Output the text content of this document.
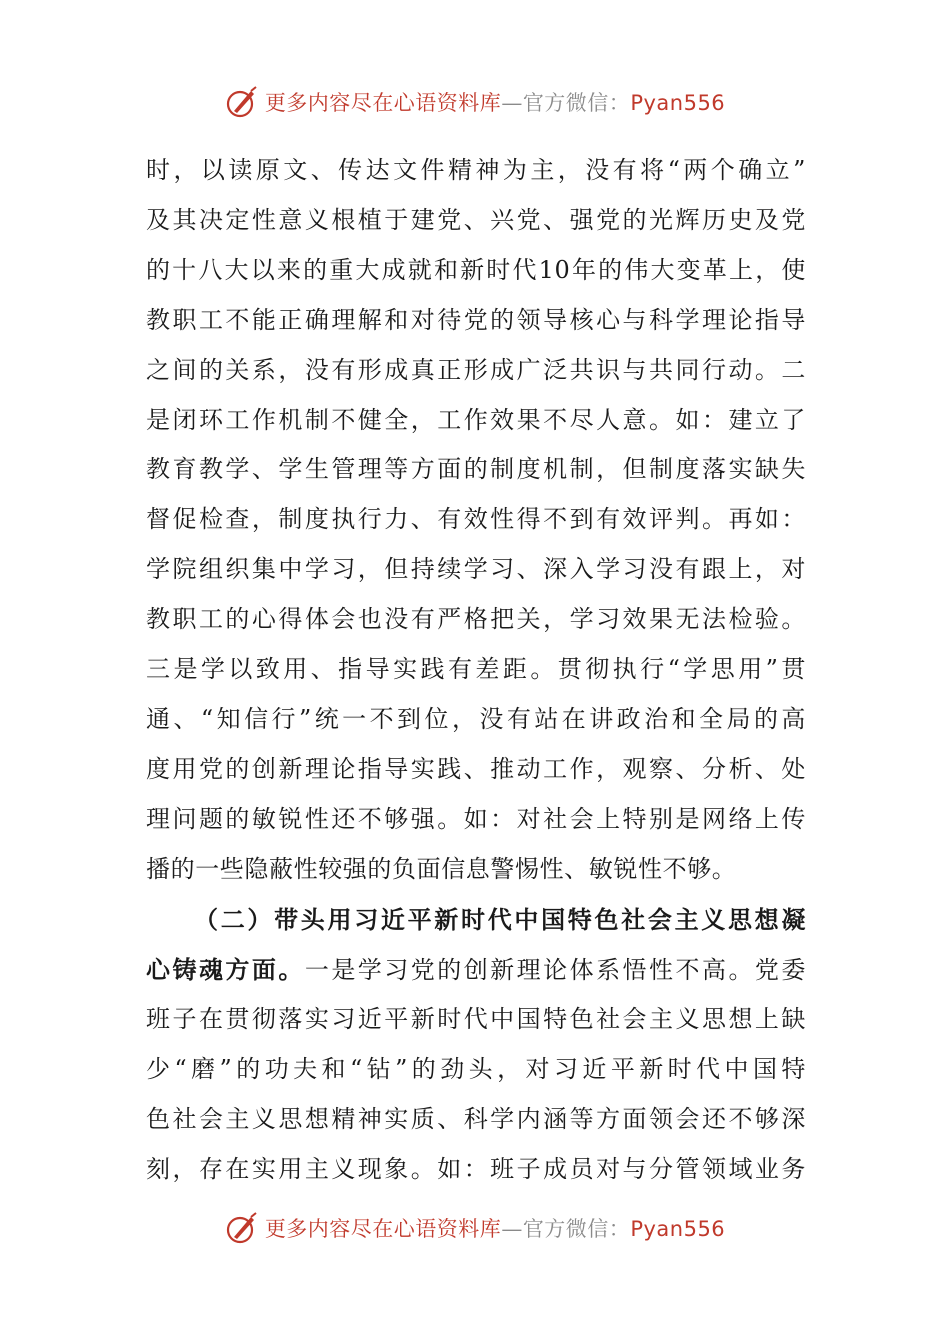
更多内容尽在心语资料库—官方微信：Pyan556
时，以读原文、传达文件精神为主，没有将“两个确立”
及其决定性意义根植于建党、兴党、强党的光辉历史及党
的十八大以来的重大成就和新时代10年的伟大变革上，使
教职工不能正确理解和对待党的领导核心与科学理论指导
之间的关系，没有形成真正形成广泛共识与共同行动。二
是闭环工作机制不健全，工作效果不尽人意。如：建立了
教育教学、学生管理等方面的制度机制，但制度落实缺失
督促检查，制度执行力、有效性得不到有效评判。再如：
学院组织集中学习，但持续学习、深入学习没有跟上，对
教职工的心得体会也没有严格把关，学习效果无法检验。
三是学以致用、指导实践有差距。贯彻执行“学思用”贯
通、“知信行”统一不到位，没有站在讲政治和全局的高
度用党的创新理论指导实践、推动工作，观察、分析、处
理问题的敏锐性还不够强。如：对社会上特别是网络上传
播的一些隐蔽性较强的负面信息警惕性、敏锐性不够。
（二）带头用习近平新时代中国特色社会主义思想凝
心铸魂方面。一是学习党的创新理论体系悟性不高。党委
班子在贯彻落实习近平新时代中国特色社会主义思想上缺
少“磨”的功夫和“钻”的劲头，对习近平新时代中国特
色社会主义思想精神实质、科学内涵等方面领会还不够深
刻，存在实用主义现象。如：班子成员对与分管领域业务
更多内容尽在心语资料库—官方微信：Pyan556
